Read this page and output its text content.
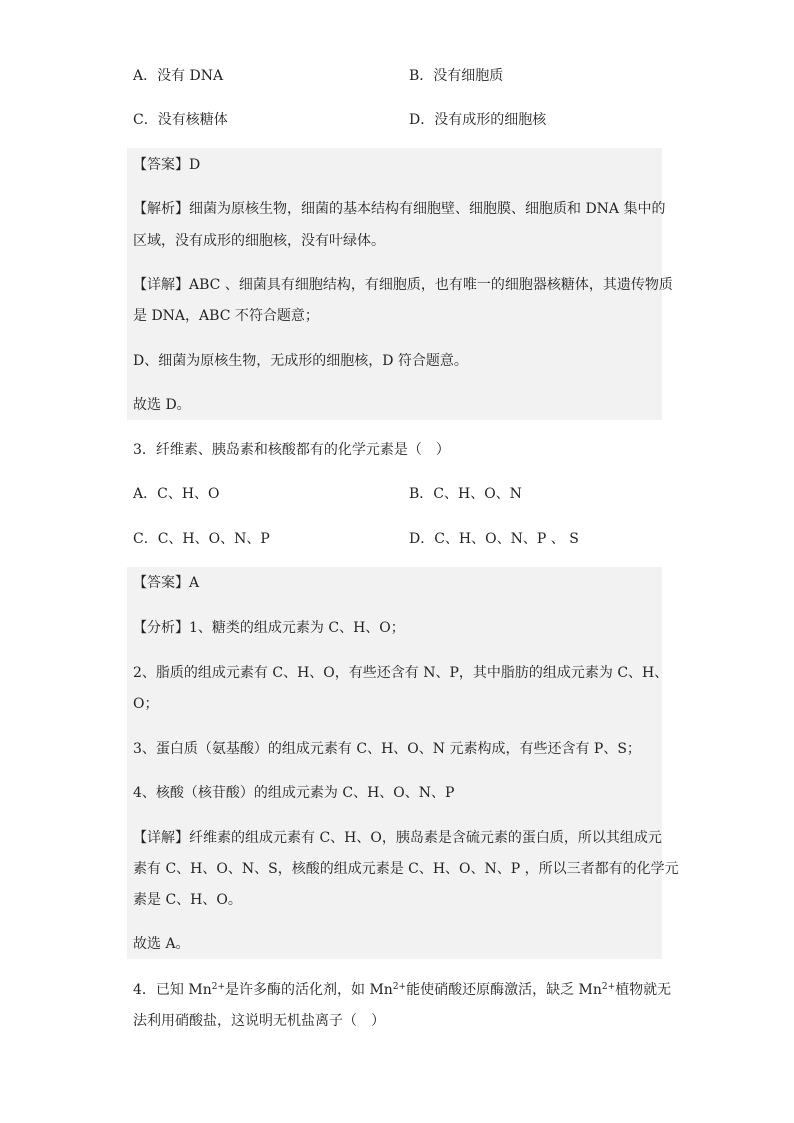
A．没有 DNA	B．没有细胞质
C．没有核糖体	D．没有成形的细胞核
【答案】D
【解析】细菌为原核生物，细菌的基本结构有细胞壁、细胞膜、细胞质和 DNA 集中的
区域，没有成形的细胞核，没有叶绿体。
【详解】ABC 、细菌具有细胞结构，有细胞质，也有唯一的细胞器核糖体，其遗传物质
是 DNA，ABC 不符合题意；
D、细菌为原核生物，无成形的细胞核，D 符合题意。
故选 D。
3．纤维素、胰岛素和核酸都有的化学元素是（　）
A．C、H、O	B．C、H、O、N
C．C、H、O、N、P	D．C、H、O、N、P 、 S
【答案】A
【分析】1、糖类的组成元素为 C、H、O；
2、脂质的组成元素有 C、H、O，有些还含有 N、P，其中脂肪的组成元素为 C、H、
O；
3、蛋白质（氨基酸）的组成元素有 C、H、O、N 元素构成，有些还含有 P、S；
4、核酸（核苷酸）的组成元素为 C、H、O、N、P
【详解】纤维素的组成元素有 C、H、O，胰岛素是含硫元素的蛋白质，所以其组成元
素有 C、H、O、N、S，核酸的组成元素是 C、H、O、N、P ，所以三者都有的化学元
素是 C、H、O。
故选 A。
4．已知 $Mn^{2+}$是许多酶的活化剂，如 $Mn^{2+}$能使硝酸还原酶激活，缺乏 $Mn^{2+}$植物就无
法利用硝酸盐，这说明无机盐离子（　）
